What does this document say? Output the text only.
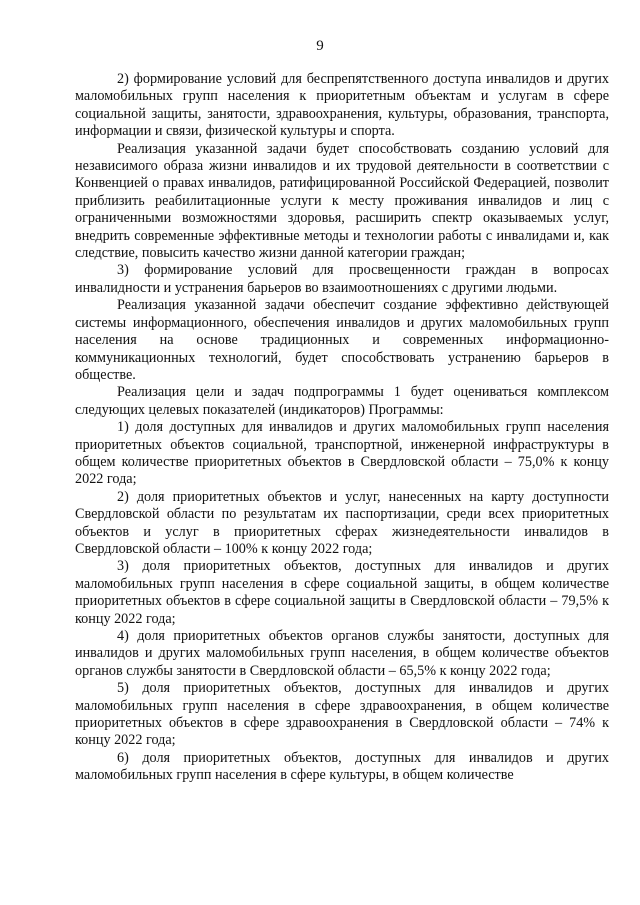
9

2) формирование условий для беспрепятственного доступа инвалидов и других маломобильных групп населения к приоритетным объектам и услугам в сфере социальной защиты, занятости, здравоохранения, культуры, образования, транспорта, информации и связи, физической культуры и спорта.

Реализация указанной задачи будет способствовать созданию условий для независимого образа жизни инвалидов и их трудовой деятельности в соответствии с Конвенцией о правах инвалидов, ратифицированной Российской Федерацией, позволит приблизить реабилитационные услуги к месту проживания инвалидов и лиц с ограниченными возможностями здоровья, расширить спектр оказываемых услуг, внедрить современные эффективные методы и технологии работы с инвалидами и, как следствие, повысить качество жизни данной категории граждан;

3) формирование условий для просвещенности граждан в вопросах инвалидности и устранения барьеров во взаимоотношениях с другими людьми.

Реализация указанной задачи обеспечит создание эффективно действующей системы информационного, обеспечения инвалидов и других маломобильных групп населения на основе традиционных и современных информационно-коммуникационных технологий, будет способствовать устранению барьеров в обществе.

Реализация цели и задач подпрограммы 1 будет оцениваться комплексом следующих целевых показателей (индикаторов) Программы:

1) доля доступных для инвалидов и других маломобильных групп населения приоритетных объектов социальной, транспортной, инженерной инфраструктуры в общем количестве приоритетных объектов в Свердловской области – 75,0% к концу 2022 года;

2) доля приоритетных объектов и услуг, нанесенных на карту доступности Свердловской области по результатам их паспортизации, среди всех приоритетных объектов и услуг в приоритетных сферах жизнедеятельности инвалидов в Свердловской области – 100% к концу 2022 года;

3) доля приоритетных объектов, доступных для инвалидов и других маломобильных групп населения в сфере социальной защиты, в общем количестве приоритетных объектов в сфере социальной защиты в Свердловской области – 79,5% к концу 2022 года;

4) доля приоритетных объектов органов службы занятости, доступных для инвалидов и других маломобильных групп населения, в общем количестве объектов органов службы занятости в Свердловской области – 65,5% к концу 2022 года;

5) доля приоритетных объектов, доступных для инвалидов и других маломобильных групп населения в сфере здравоохранения, в общем количестве приоритетных объектов в сфере здравоохранения в Свердловской области – 74% к концу 2022 года;

6) доля приоритетных объектов, доступных для инвалидов и других маломобильных групп населения в сфере культуры, в общем количестве
